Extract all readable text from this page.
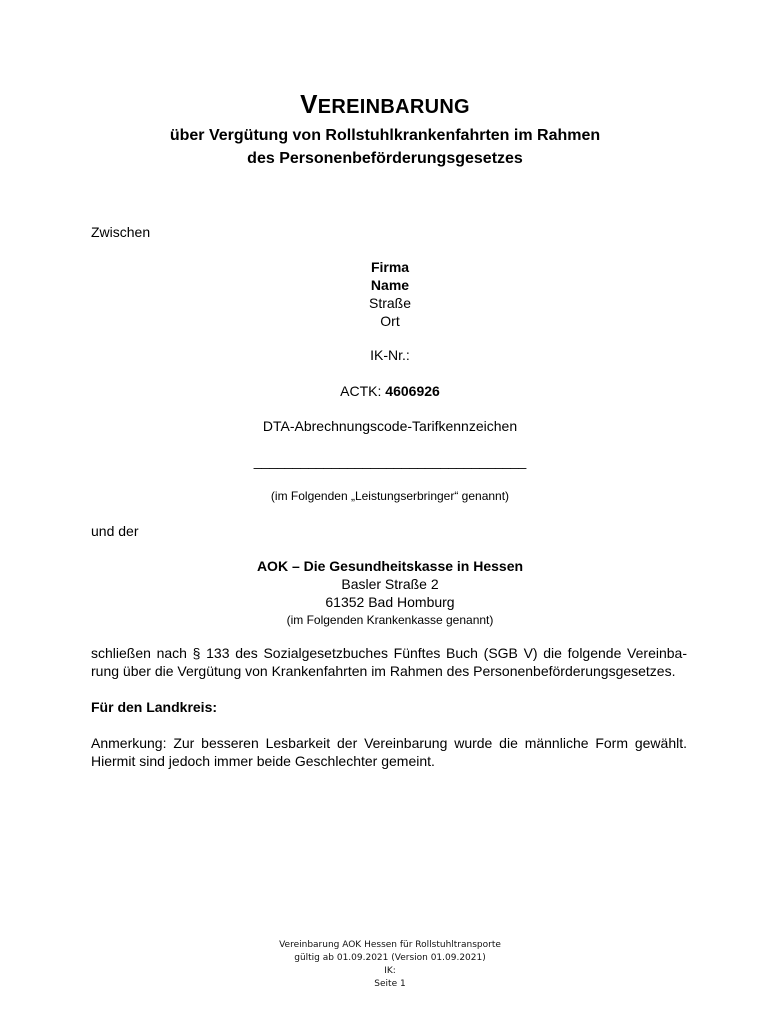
VEREINBARUNG
über Vergütung von Rollstuhlkrankenfahrten im Rahmen
des Personenbeförderungsgesetzes
Zwischen
Firma
Name
Straße
Ort
IK-Nr.:
ACTK: 4606926
DTA-Abrechnungscode-Tarifkennzeichen
___________________________________
(im Folgenden „Leistungserbringer“ genannt)
und der
AOK – Die Gesundheitskasse in Hessen
Basler Straße 2
61352 Bad Homburg
(im Folgenden Krankenkasse genannt)
schließen nach § 133 des Sozialgesetzbuches Fünftes Buch (SGB V) die folgende Vereinba-
rung über die Vergütung von Krankenfahrten im Rahmen des Personenbeförderungsgesetzes.
Für den Landkreis:
Anmerkung: Zur besseren Lesbarkeit der Vereinbarung wurde die männliche Form gewählt.
Hiermit sind jedoch immer beide Geschlechter gemeint.
Vereinbarung AOK Hessen für Rollstuhltransporte
gültig ab 01.09.2021 (Version 01.09.2021)
IK:
Seite 1
